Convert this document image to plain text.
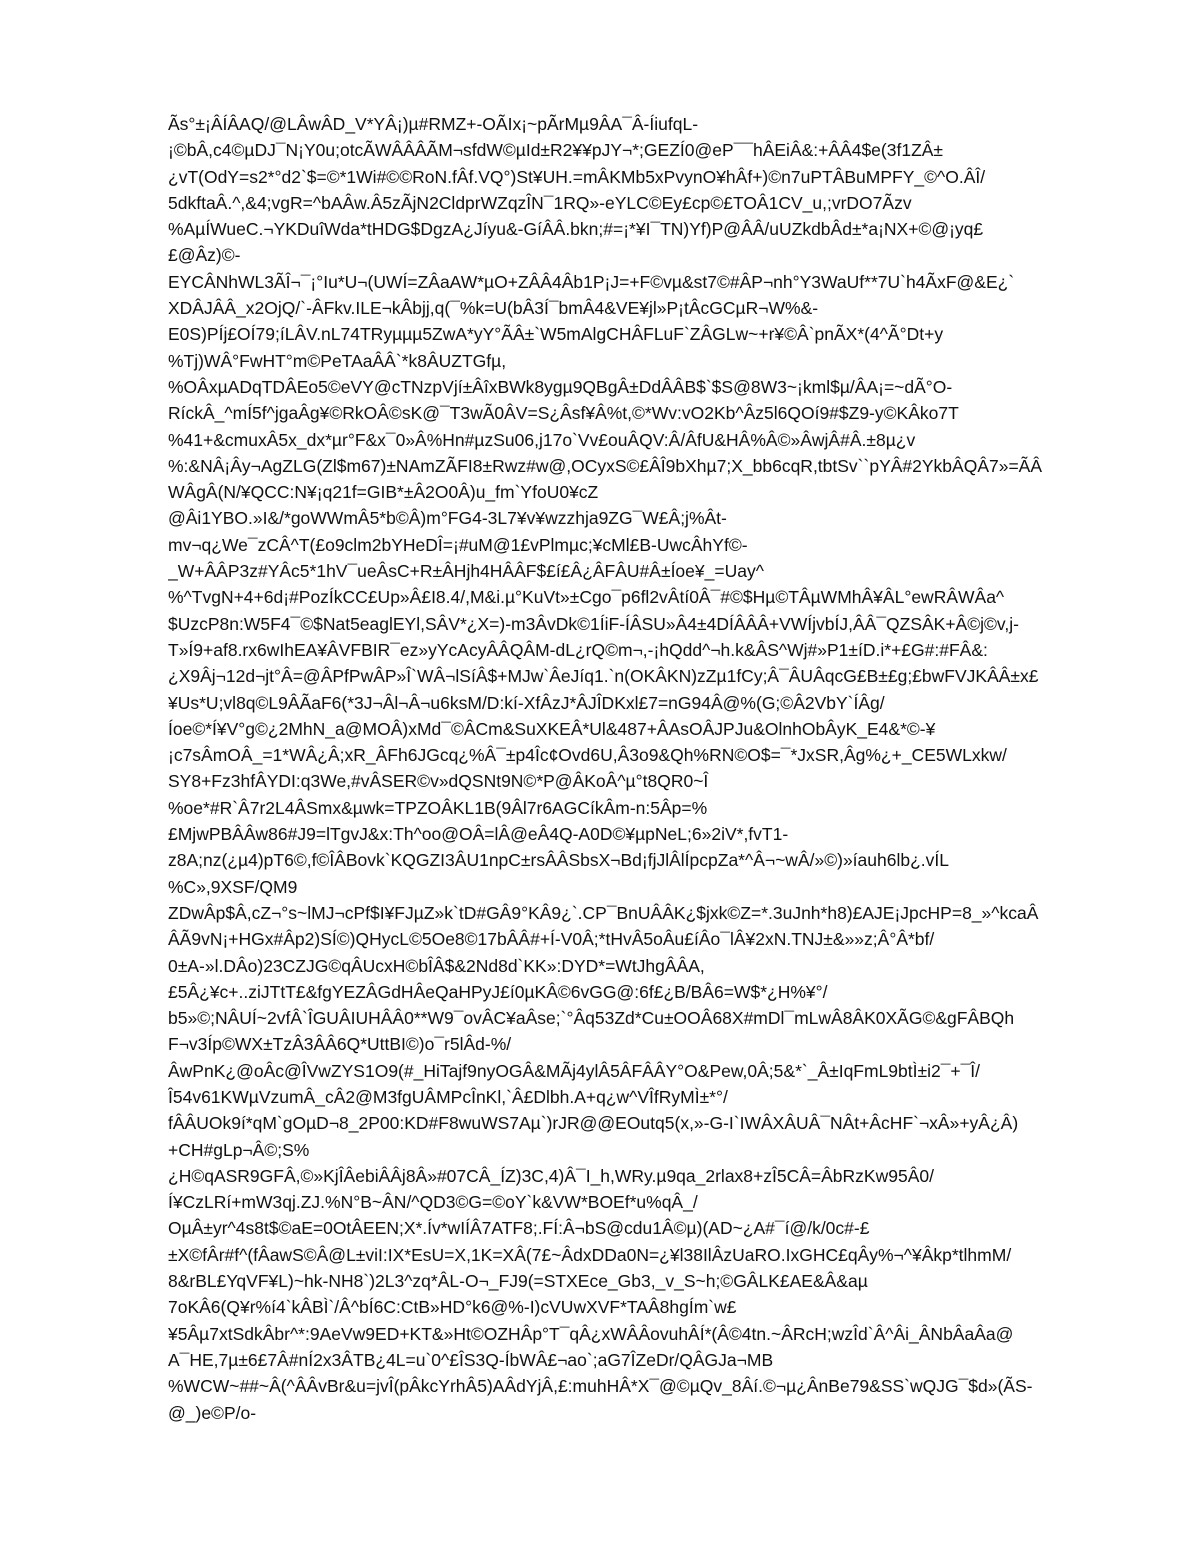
Ãs°±¡ÂÍÂAQ/@LÂwÂD_V*YÂ¡)µ#RMZ+-OÃIx¡~pÃrMµ9ÂA¯Â-ÍiufqL-
¡©bÂ,c4©µDJ¯N¡Y0u;otcÃWÂÂÂÃM¬sfdW©µId±R2¥¥pJY¬*;GEZÍ0@eP¯¯hÂEiÂ&:+ÂÂ4$e(3f1ZÂ±
¿vT(OdY=s2*°d2`$=©*1Wi#©©RoN.fÂf.VQ°)St¥UH.=mÂKMb5xPvynO¥hÂf+)©n7uPTÂBuMPFY_©^O.ÂÎ/
5dkftaÂ.^,&4;vgR=^bAÂw.Â5zÃjN2CldprWZqzÎN¯1RQ»-eYLC©Ey£cp©£TOÂ1CV_u,;vrDO7Ãzv
%AµÍWueC.¬YKDuîWda*tHDG$DgzA¿Jíyu&-GíÂÂ.bkn;#=¡*¥I¯TN)Yf)P@ÂÂ/uUZkdbÂd±*a¡NX+©@¡yq£
£@Âz)©-
EYCÂNhWL3ÃÎ¬¯¡°Iu*U¬(UWÍ=ZÂaAW*µO+ZÂÂ4Âb1P¡J=+F©vµ&st7©#ÂP¬nh°Y3WaUf**7U`h4ÃxF@&E¿`
XDÂJÂÂ_x2OjQ/`-ÂFkv.ILE¬kÂbjj,q(¯%k=U(bÂ3Í¯bmÂ4&VE¥jl»P¡tÂcGCµR¬W%&-
E0S)PÍj£OÍ79;íLÂV.nL74TRyµµµ5ZwA*yY°ÃÂ±`W5mAlgCHÂFLuF`ZÂGLw~+r¥©Â`pnÃX*(4^Ã°Dt+y
%Tj)WÂ°FwHT°m©PeTAaÂÂ`*k8ÂUZTGfµ,
%OÂxµADqTDÂEo5©eVY@cTNzpVjí±ÂîxBWk8ygµ9QBgÂ±DdÂÂB$`$S@8W3~¡kml$µ/ÂA¡=~dÃ°O-
RíckÂ_^mÍ5f^jgaÂg¥©RkOÂ©sK@¯T3wÃ0ÂV=S¿Âsf¥Â%t,©*Wv:vO2Kb^Âz5l6QOí9#$Z9-y©KÂko7T
%41+&cmuxÂ5x_dx*µr°F&x¯0»Â%Hn#µzSu06,j17o`Vv£ouÂQV:Â/ÂfU&HÂ%Â©»ÂwjÂ#Â.±8µ¿v
%:&NÂ¡Ây¬AgZLG(Zl$m67)±NAmZÃFI8±Rwz#w@,OCyxS©£ÂÎ9bXhµ7;X_bb6cqR,tbtSv``pYÂ#2YkbÂQÂ7»=ÃÂ
WÂgÂ(N/¥QCC:N¥¡q21f=GIB*±Â2O0Â)u_fm`YfoU0¥cZ
@Âi1YBO.»I&/*goWWmÂ5*b©Â)m°FG4-3L7¥v¥wzzhja9ZG¯W£Â;j%Ât-
mv¬q¿We¯zCÂ^T(£o9clm2bYHeDÎ=¡#uM@1£vPlmµc;¥cMl£B-UwcÂhYf©-
_W+ÂÂP3z#YÂc5*1hV¯ueÂsC+R±ÂHjh4HÂÂF$£í£Â¿ÂFÂU#Â±Íoe¥_=Uay^
%^TvgN+4+6d¡#PozÍkCC£Up»Â£I8.4/,M&i.µ°KuVt»±Cgo¯p6fl2vÂtí0Â¯#©$Hµ©TÂµWMhÂ¥ÂL°ewRÂWÂa^
$UzcP8n:W5F4¯©$Nat5eaglEYl,SÂV*¿X=)-m3ÂvDk©1ÍiF-ÍÂSU»Â4±4DÍÂÂÂ+VWÍjvbÍJ,ÂÂ¯QZSÂK+Â©j©v,j-
T»Í9+af8.rx6wIhEA¥ÂVFBIR¯ez»yYcAcyÂÂQÂM-dL¿rQ©m¬,-¡hQdd^¬h.k&ÂS^Wj#»P1±íD.i*+£G#:#FÂ&:
¿X9Âj¬12d¬jt°Â=@ÂPfPwÂP»Î`WÂ¬lSíÂ$+MJw`ÂeJíq1.`n(OKÂKN)zZµ1fCy;Â¯ÂUÂqcG£B±£g;£bwFVJKÂÂ±x£
¥Us*U;vl8q©L9ÂÃaF6(*3J¬Âl¬Â¬u6ksM/D:kí-XfÂzJ*ÂJÎDKxl£7=nG94Â@%(G;©Â2VbY`ÍÂg/
Íoe©*Í¥V°g©¿2MhN_a@MOÂ)xMd¯©ÂCm&SuXKEÂ*Ul&487+ÂAsOÂJPJu&OlnhObÂyK_E4&*©-¥
¡c7sÂmOÂ_=1*WÂ¿Â;xR_ÂFh6JGcq¿%Â¯±p4Îc¢Ovd6U,Â3o9&Qh%RN©O$=¯*JxSR,Âg%¿+_CE5WLxkw/
SY8+Fz3hfÂYDI:q3We,#vÂSER©v»dQSNt9N©*P@ÂKoÂ^µ°t8QR0~Î
%oe*#R`Â7r2L4ÂSmx&µwk=TPZOÂKL1B(9Âl7r6AGCíkÂm-n:5Âp=%
£MjwPBÂÂw86#J9=lTgvJ&x:Th^oo@OÂ=lÂ@eÂ4Q-A0D©¥µpNeL;6»2iV*,fvT1-
z8A;nz(¿µ4)pT6©,f©ÎÂBovk`KQGZI3ÂU1npC±rsÂÂSbsX¬Bd¡fjJlÂlÍpcpZa*^Â¬~wÂ/»©)»íauh6lb¿.vÍL
%C»,9XSF/QM9
ZDwÂp$Â,cZ¬°s~lMJ¬cPf$I¥FJµZ»k`tD#GÂ9°KÂ9¿`.CP¯BnUÂÂK¿$jxk©Z=*.3uJnh*h8)£AJE¡JpcHP=8_»^kcaÂ
ÂÃ9vN¡+HGx#Âp2)SÍ©)QHycL©5Oe8©17bÂÂ#+Í-V0Â;*tHvÂ5oÂu£íÂo¯lÂ¥2xN.TNJ±&»»z;Â°Â*bf/
0±A-»l.DÂo)23CZJG©qÂUcxH©bÎÂ$&2Nd8d`KK»:DYD*=WtJhgÂÂA,
£5Â¿¥c+..ziJTtT£&fgYEZÂGdHÂeQaHPyJ£í0µKÂ©6vGG@:6f£¿B/BÂ6=W$*¿H%¥°/
b5»©;NÂUÍ~2vfÂ`ÎGUÂIUHÂÂ0**W9¯ovÂC¥aÂse;`°Âq53Zd*Cu±OOÂ68X#mDl¯mLwÂ8ÂK0XÃG©&gFÂBQh
F¬v3Íp©WX±TzÂ3ÂÂ6Q*UttBI©)o¯r5lÂd-%/
ÂwPnK¿@oÂc@ÎVwZYS1O9(#_HiTajf9nyOGÂ&MÃj4ylÂ5ÂFÂÂY°O&Pew,0Â;5&*`_Â±IqFmL9btÌ±i2¯+¯Î/
Î54v61KWµVzumÂ_cÂ2@M3fgUÂMPcÎnKl,`Â£Dlbh.A+q¿w^VÎfRyMÌ±*°/
fÂÂUOk9í*qM`gOµD¬8_2P00:KD#F8wuWS7Aµ`)rJR@@EOutq5(x,»-G-I`IWÂXÂUÂ¯NÂt+ÂcHF`¬xÂ»+yÂ¿Â)
+CH#gLp¬Â©;S%
¿H©qASR9GFÂ,©»KjÎÂebiÂÂj8Â»#07CÂ_ÍZ)3C,4)Â¯I_h,WRy.µ9qa_2rlax8+zÎ5CÂ=ÂbRzKw95Â0/
Í¥CzLRí+mW3qj.ZJ.%N°B~ÂN/^QD3©G=©oY`k&VW*BOEf*u%qÂ_/
OµÂ±yr^4s8t$©aE=0OtÂEEN;X*.Ív*wIÍÂ7ATF8;.FÍ:Â¬bS@cdu1Â©µ)(AD~¿A#¯í@/k/0c#-£
±X©fÂr#f^(fÂawS©Â@L±viI:IX*EsU=X,1K=XÂ(7£~ÂdxDDa0N=¿¥l38IlÂzUaRO.IxGHC£qÂy%¬^¥Âkp*tlhmM/
8&rBL£YqVF¥L)~hk-NH8`)2L3^zq*ÂL-O¬_FJ9(=STXEce_Gb3,_v_S~h;©GÂLK£AE&Â&aµ
7oKÂ6(Q¥r%í4`kÂBÌ`/Â^bÍ6C:CtB»HD°k6@%-I)cVUwXVF*TAÂ8hgÍm`w£
¥5Âµ7xtSdkÂbr^*:9AeVw9ED+KT&»Ht©OZHÂp°T¯qÂ¿xWÂÂovuhÂÍ*(Â©4tn.~ÂRcH;wzÎd`Â^Âi_ÂNbÂaÂa@
A¯HE,7µ±6£7Â#nÍ2x3ÂTB¿4L=u`0^£ÎS3Q-ÍbWÂ£¬ao`;aG7ÎZeDr/QÂGJa¬MB
%WCW~##~Â(^ÂÂvBr&u=jvÎ(pÂkcYrhÂ5)AÂdYjÂ,£:muhHÂ*X¯@©µQv_8Âí.©¬µ¿ÂnBe79&SS`wQJG¯$d»(ÃS-
@_)e©P/o-
